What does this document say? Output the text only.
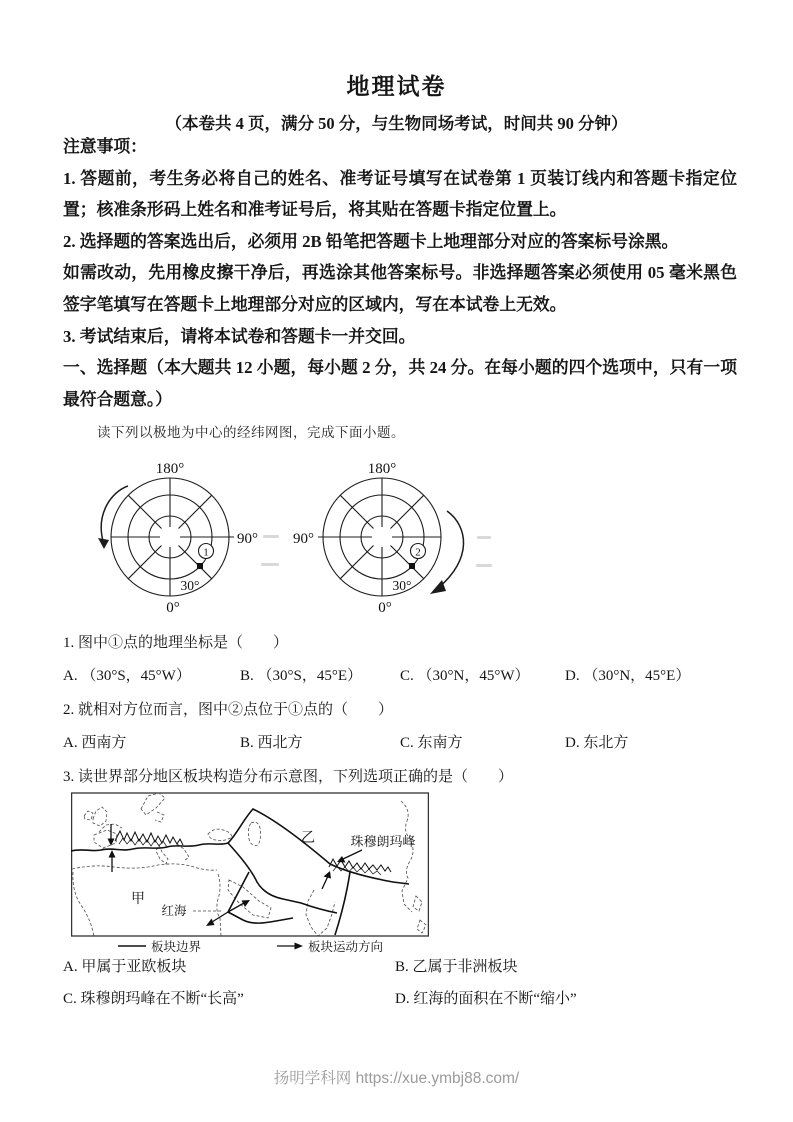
地理试卷
（本卷共 4 页，满分 50 分，与生物同场考试，时间共 90 分钟）

注意事项：

1. 答题前，考生务必将自己的姓名、准考证号填写在试卷第 1 页装订线内和答题卡指定位置；核准条形码上姓名和准考证号后，将其贴在答题卡指定位置上。

2. 选择题的答案选出后，必须用 2B 铅笔把答题卡上地理部分对应的答案标号涂黑。

如需改动，先用橡皮擦干净后，再选涂其他答案标号。非选择题答案必须使用 05 毫米黑色签字笔填写在答题卡上地理部分对应的区域内，写在本试卷上无效。

3. 考试结束后，请将本试卷和答题卡一并交回。

一、选择题（本大题共 12 小题，每小题 2 分，共 24 分。在每小题的四个选项中，只有一项最符合题意。）

读下列以极地为中心的经纬网图，完成下面小题。
180°
90°
30°
0°
1
180°
90°
30°
0°
2

1. 图中①点的地理坐标是（　　）

A. （30°S，45°W）	B. （30°S，45°E）	C. （30°N，45°W）	D. （30°N，45°E）

2. 就相对方位而言，图中②点位于①点的（　　）

A. 西南方	B. 西北方	C. 东南方	D. 东北方

3. 读世界部分地区板块构造分布示意图，下列选项正确的是（　　）

甲
红海
乙	珠穆朗玛峰
板块边界	板块运动方向
A. 甲属于亚欧板块	B. 乙属于非洲板块
C. 珠穆朗玛峰在不断“长高”	D. 红海的面积在不断“缩小”
扬明学科网 https://xue.ymbj88.com/
